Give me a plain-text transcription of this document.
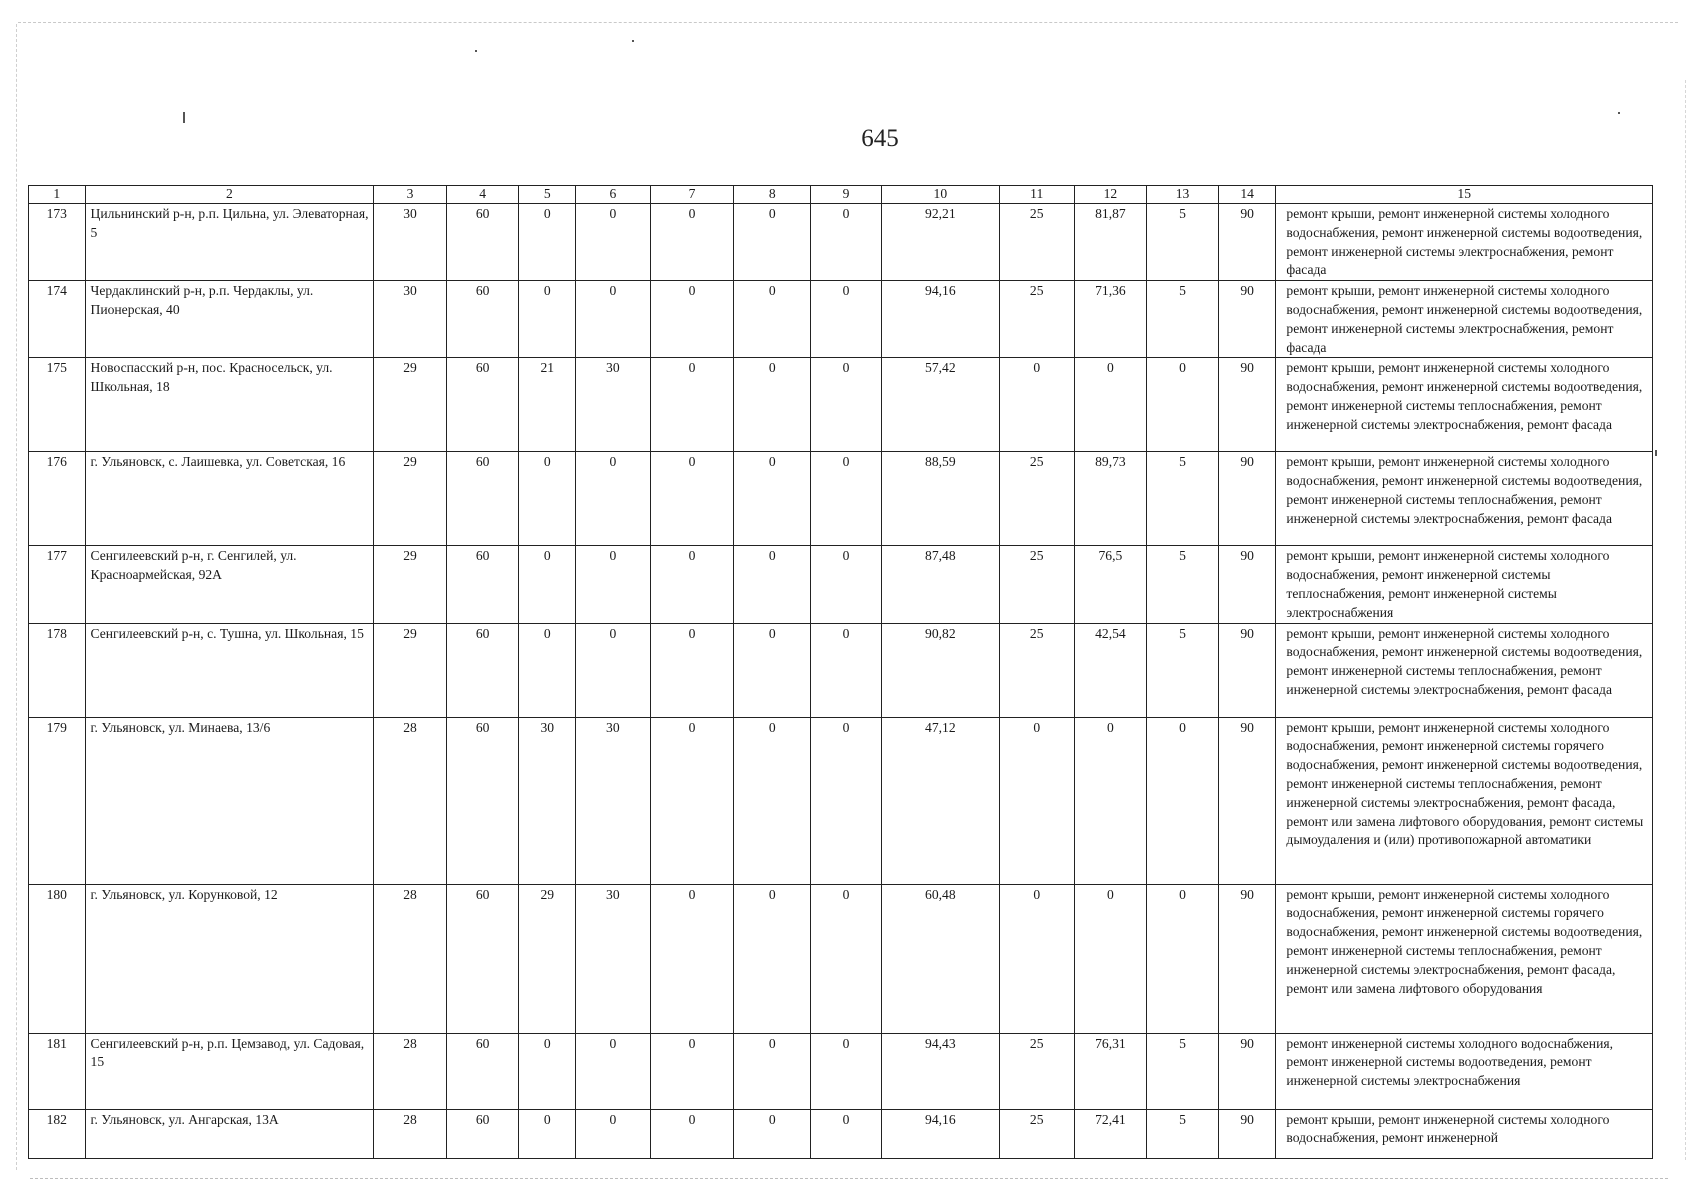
645
1	2	3	4	5	6	7	8	9	10	11	12	13	14	15
173	Цильнинский р-н, р.п. Цильна, ул. Элеваторная, 5	30	60	0	0	0	0	0	92,21	25	81,87	5	90	ремонт крыши, ремонт инженерной системы холодного водоснабжения, ремонт инженерной системы водоотведения, ремонт инженерной системы электроснабжения, ремонт фасада
174	Чердаклинский р-н, р.п. Чердаклы, ул. Пионерская, 40	30	60	0	0	0	0	0	94,16	25	71,36	5	90	ремонт крыши, ремонт инженерной системы холодного водоснабжения, ремонт инженерной системы водоотведения, ремонт инженерной системы электроснабжения, ремонт фасада
175	Новоспасский р-н, пос. Красносельск, ул. Школьная, 18	29	60	21	30	0	0	0	57,42	0	0	0	90	ремонт крыши, ремонт инженерной системы холодного водоснабжения, ремонт инженерной системы водоотведения, ремонт инженерной системы теплоснабжения, ремонт инженерной системы электроснабжения, ремонт фасада
176	г. Ульяновск, с. Лаишевка, ул. Советская, 16	29	60	0	0	0	0	0	88,59	25	89,73	5	90	ремонт крыши, ремонт инженерной системы холодного водоснабжения, ремонт инженерной системы водоотведения, ремонт инженерной системы теплоснабжения, ремонт инженерной системы электроснабжения, ремонт фасада
177	Сенгилеевский р-н, г. Сенгилей, ул. Красноармейская, 92А	29	60	0	0	0	0	0	87,48	25	76,5	5	90	ремонт крыши, ремонт инженерной системы холодного водоснабжения, ремонт инженерной системы теплоснабжения, ремонт инженерной системы электроснабжения
178	Сенгилеевский р-н, с. Тушна, ул. Школьная, 15	29	60	0	0	0	0	0	90,82	25	42,54	5	90	ремонт крыши, ремонт инженерной системы холодного водоснабжения, ремонт инженерной системы водоотведения, ремонт инженерной системы теплоснабжения, ремонт инженерной системы электроснабжения, ремонт фасада
179	г. Ульяновск, ул. Минаева, 13/6	28	60	30	30	0	0	0	47,12	0	0	0	90	ремонт крыши, ремонт инженерной системы холодного водоснабжения, ремонт инженерной системы горячего водоснабжения, ремонт инженерной системы водоотведения, ремонт инженерной системы теплоснабжения, ремонт инженерной системы электроснабжения, ремонт фасада, ремонт или замена лифтового оборудования, ремонт системы дымоудаления и (или) противопожарной автоматики
180	г. Ульяновск, ул. Корунковой, 12	28	60	29	30	0	0	0	60,48	0	0	0	90	ремонт крыши, ремонт инженерной системы холодного водоснабжения, ремонт инженерной системы горячего водоснабжения, ремонт инженерной системы водоотведения, ремонт инженерной системы теплоснабжения, ремонт инженерной системы электроснабжения, ремонт фасада, ремонт или замена лифтового оборудования
181	Сенгилеевский р-н, р.п. Цемзавод, ул. Садовая, 15	28	60	0	0	0	0	0	94,43	25	76,31	5	90	ремонт инженерной системы холодного водоснабжения, ремонт инженерной системы водоотведения, ремонт инженерной системы электроснабжения
182	г. Ульяновск, ул. Ангарская, 13А	28	60	0	0	0	0	0	94,16	25	72,41	5	90	ремонт крыши, ремонт инженерной системы холодного водоснабжения, ремонт инженерной
